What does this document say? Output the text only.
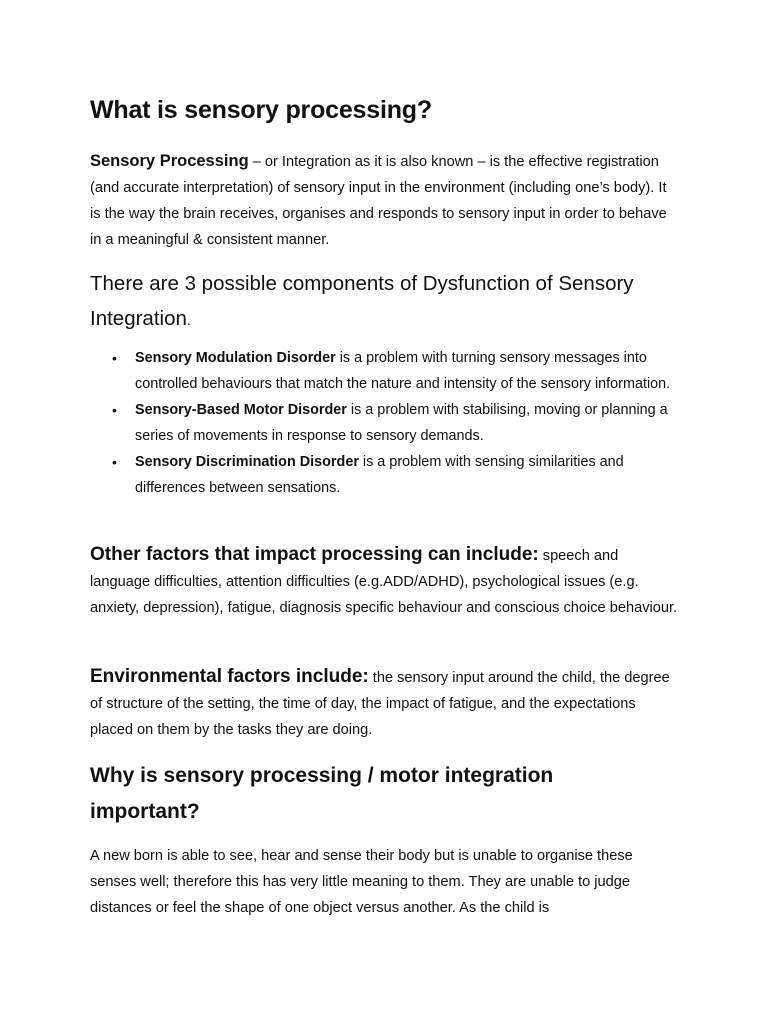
What is sensory processing?

Sensory Processing – or Integration as it is also known – is the effective registration (and accurate interpretation) of sensory input in the environment (including one’s body). It is the way the brain receives, organises and responds to sensory input in order to behave in a meaningful & consistent manner.

There are 3 possible components of Dysfunction of Sensory Integration.
• Sensory Modulation Disorder is a problem with turning sensory messages into controlled behaviours that match the nature and intensity of the sensory information.
• Sensory-Based Motor Disorder is a problem with stabilising, moving or planning a series of movements in response to sensory demands.
• Sensory Discrimination Disorder is a problem with sensing similarities and differences between sensations.

Other factors that impact processing can include: speech and language difficulties, attention difficulties (e.g.ADD/ADHD), psychological issues (e.g. anxiety, depression), fatigue, diagnosis specific behaviour and conscious choice behaviour.

Environmental factors include: the sensory input around the child, the degree of structure of the setting, the time of day, the impact of fatigue, and the expectations placed on them by the tasks they are doing.

Why is sensory processing / motor integration important?

A new born is able to see, hear and sense their body but is unable to organise these senses well; therefore this has very little meaning to them. They are unable to judge distances or feel the shape of one object versus another. As the child is
